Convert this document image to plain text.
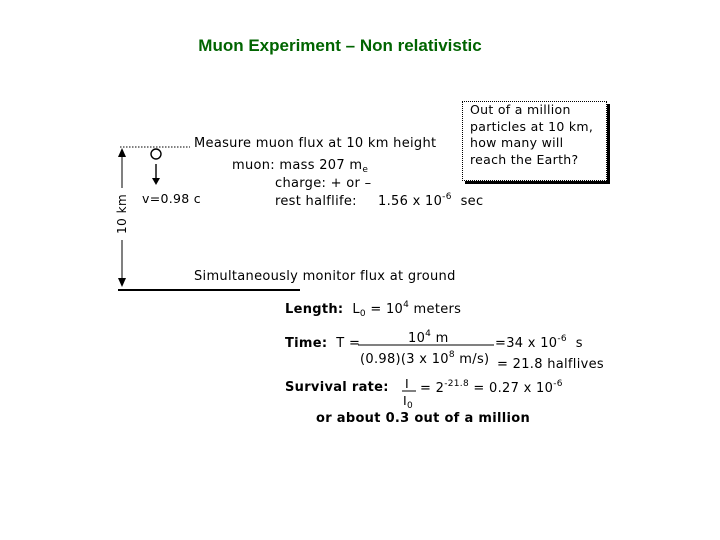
Muon Experiment – Non relativistic
10 km
Measure muon flux at 10 km height
v=0.98 c
muon: mass 207 $m_e$
charge: + or –
rest halflife: 1.56 x $10^{-6}$ sec
Out of a million
particles at 10 km,
how many will
reach the Earth?
Simultaneously monitor flux at ground
Length: $L_0 = 10^4$ meters
Time: T =	$10^4$ m
(0.98)(3 x $10^8$ m/s)
=34 x $10^{-6}$  s
= 21.8 halflives
Survival rate: I
$I_0$
= $2^{-21.8} = 0.27$ x $10^{-6}$
or about 0.3 out of a million
